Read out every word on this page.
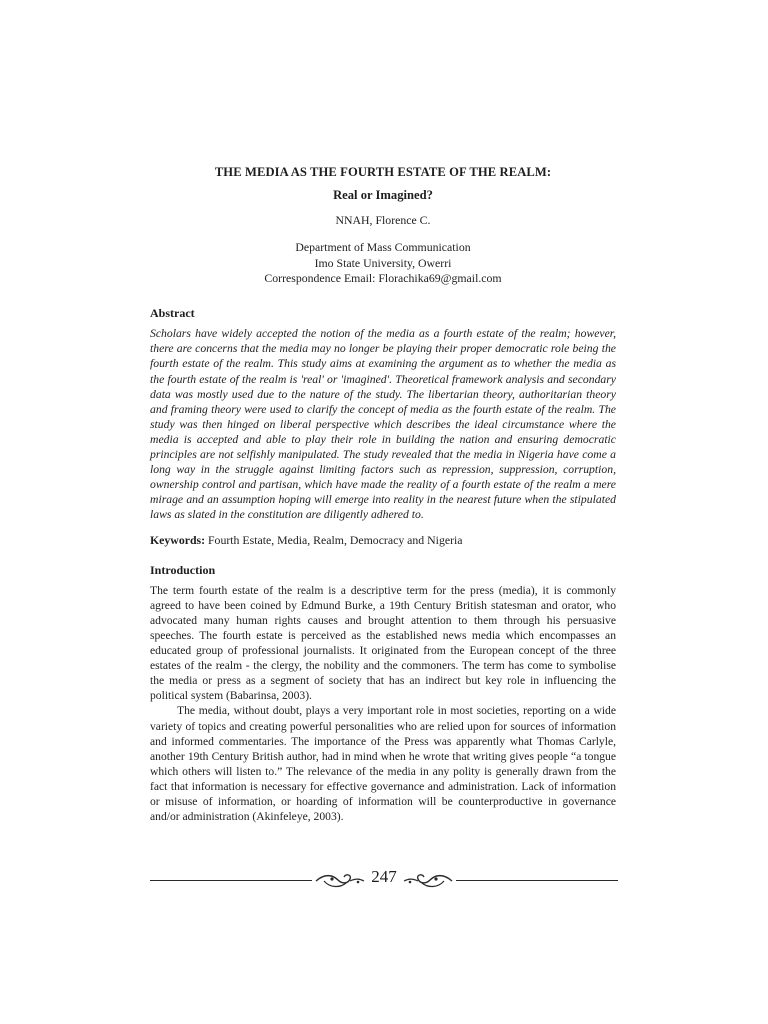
THE MEDIA AS THE FOURTH ESTATE OF THE REALM:
Real or Imagined?

NNAH, Florence C.

Department of Mass Communication

Imo State University, Owerri

Correspondence Email: Florachika69@gmail.com

Abstract

Scholars have widely accepted the notion of the media as a fourth estate of the realm; however, there are concerns that the media may no longer be playing their proper democratic role being the fourth estate of the realm. This study aims at examining the argument as to whether the media as the fourth estate of the realm is 'real' or 'imagined'. Theoretical framework analysis and secondary data was mostly used due to the nature of the study. The libertarian theory, authoritarian theory and framing theory were used to clarify the concept of media as the fourth estate of the realm. The study was then hinged on liberal perspective which describes the ideal circumstance where the media is accepted and able to play their role in building the nation and ensuring democratic principles are not selfishly manipulated. The study revealed that the media in Nigeria have come a long way in the struggle against limiting factors such as repression, suppression, corruption, ownership control and partisan, which have made the reality of a fourth estate of the realm a mere mirage and an assumption hoping will emerge into reality in the nearest future when the stipulated laws as slated in the constitution are diligently adhered to.

Keywords: Fourth Estate, Media, Realm, Democracy and Nigeria

Introduction

The term fourth estate of the realm is a descriptive term for the press (media), it is commonly agreed to have been coined by Edmund Burke, a 19th Century British statesman and orator, who advocated many human rights causes and brought attention to them through his persuasive speeches. The fourth estate is perceived as the established news media which encompasses an educated group of professional journalists. It originated from the European concept of the three estates of the realm - the clergy, the nobility and the commoners. The term has come to symbolise the media or press as a segment of society that has an indirect but key role in influencing the political system (Babarinsa, 2003).

The media, without doubt, plays a very important role in most societies, reporting on a wide variety of topics and creating powerful personalities who are relied upon for sources of information and informed commentaries. The importance of the Press was apparently what Thomas Carlyle, another 19th Century British author, had in mind when he wrote that writing gives people “a tongue which others will listen to.” The relevance of the media in any polity is generally drawn from the fact that information is necessary for effective governance and administration. Lack of information or misuse of information, or hoarding of information will be counterproductive in governance and/or administration (Akinfeleye, 2003).

247
